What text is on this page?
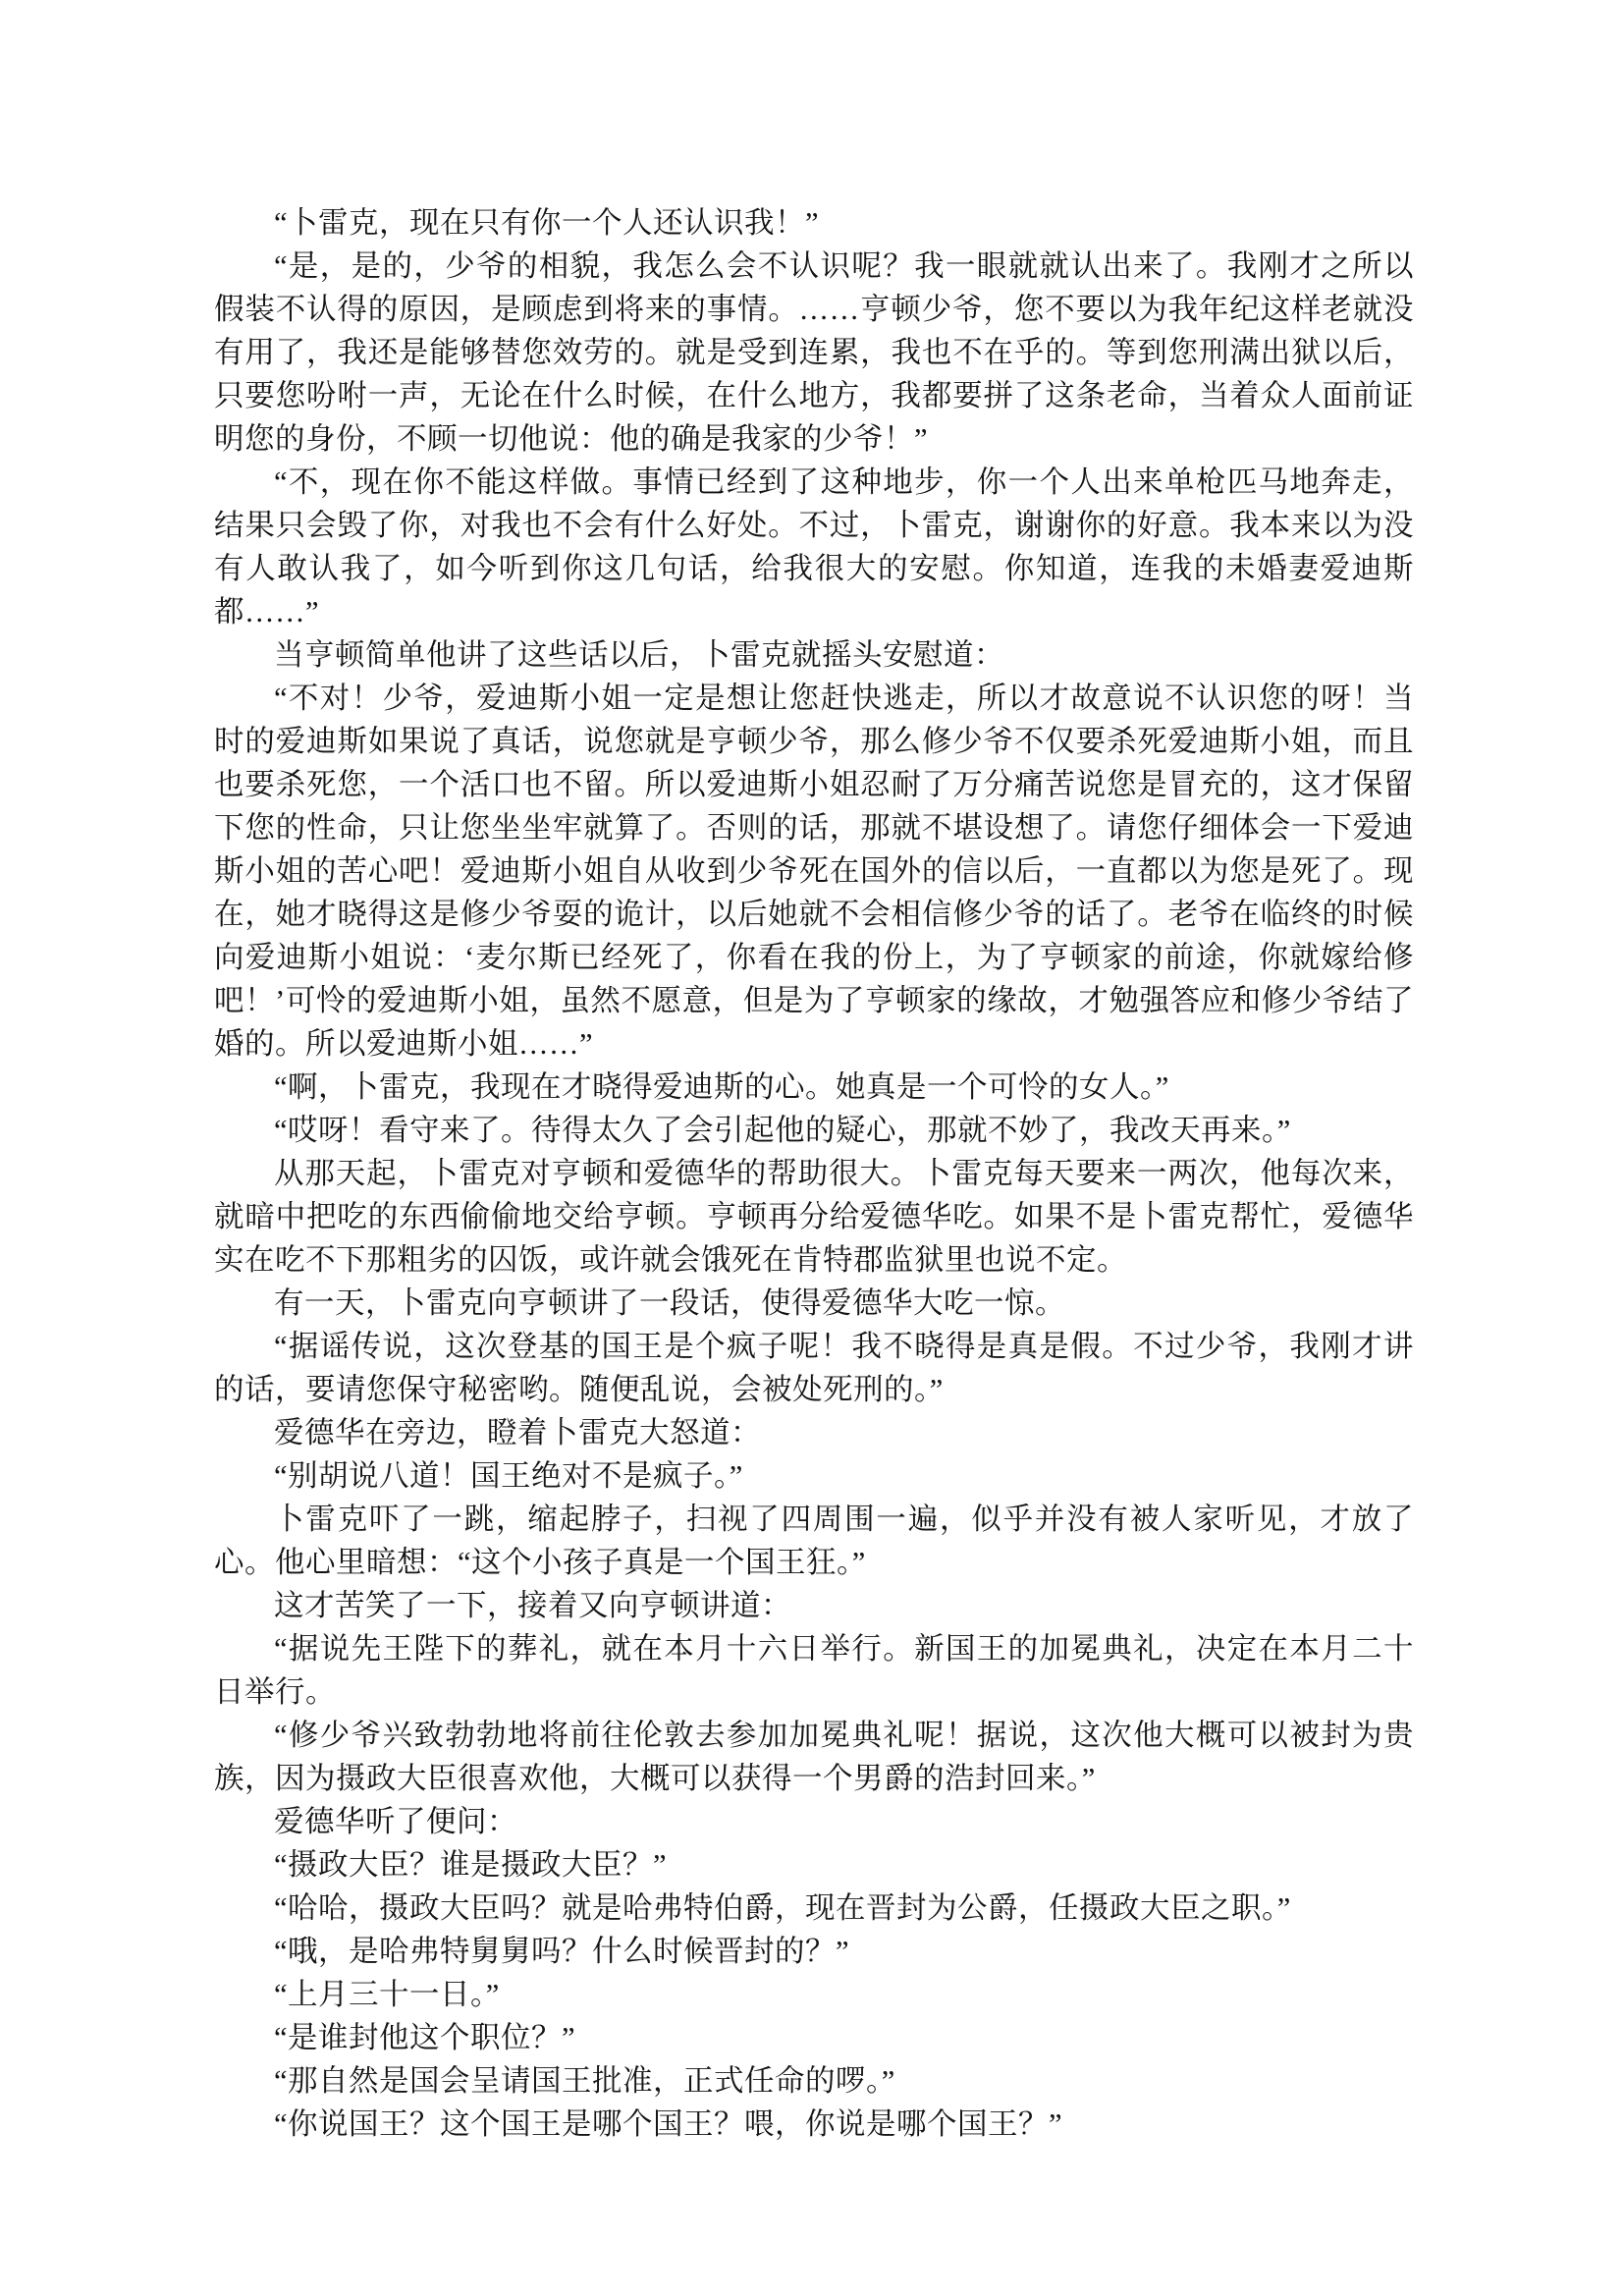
“卜雷克，现在只有你一个人还认识我！”

“是，是的，少爷的相貌，我怎么会不认识呢？我一眼就就认出来了。我刚才之所以假装不认得的原因，是顾虑到将来的事情。……亨顿少爷，您不要以为我年纪这样老就没有用了，我还是能够替您效劳的。就是受到连累，我也不在乎的。等到您刑满出狱以后，只要您吩咐一声，无论在什么时候，在什么地方，我都要拼了这条老命，当着众人面前证明您的身份，不顾一切他说：他的确是我家的少爷！”

“不，现在你不能这样做。事情已经到了这种地步，你一个人出来单枪匹马地奔走，结果只会毁了你，对我也不会有什么好处。不过，卜雷克，谢谢你的好意。我本来以为没有人敢认我了，如今听到你这几句话，给我很大的安慰。你知道，连我的未婚妻爱迪斯都……”

当亨顿简单他讲了这些话以后，卜雷克就摇头安慰道：

“不对！少爷，爱迪斯小姐一定是想让您赶快逃走，所以才故意说不认识您的呀！当时的爱迪斯如果说了真话，说您就是亨顿少爷，那么修少爷不仅要杀死爱迪斯小姐，而且也要杀死您，一个活口也不留。所以爱迪斯小姐忍耐了万分痛苦说您是冒充的，这才保留下您的性命，只让您坐坐牢就算了。否则的话，那就不堪设想了。请您仔细体会一下爱迪斯小姐的苦心吧！爱迪斯小姐自从收到少爷死在国外的信以后，一直都以为您是死了。现在，她才晓得这是修少爷耍的诡计，以后她就不会相信修少爷的话了。老爷在临终的时候向爱迪斯小姐说：‘麦尔斯已经死了，你看在我的份上，为了亨顿家的前途，你就嫁给修吧！’可怜的爱迪斯小姐，虽然不愿意，但是为了亨顿家的缘故，才勉强答应和修少爷结了婚的。所以爱迪斯小姐……”

“啊，卜雷克，我现在才晓得爱迪斯的心。她真是一个可怜的女人。”

“哎呀！看守来了。待得太久了会引起他的疑心，那就不妙了，我改天再来。”

从那天起，卜雷克对亨顿和爱德华的帮助很大。卜雷克每天要来一两次，他每次来，就暗中把吃的东西偷偷地交给亨顿。亨顿再分给爱德华吃。如果不是卜雷克帮忙，爱德华实在吃不下那粗劣的囚饭，或许就会饿死在肯特郡监狱里也说不定。

有一天，卜雷克向亨顿讲了一段话，使得爱德华大吃一惊。

“据谣传说，这次登基的国王是个疯子呢！我不晓得是真是假。不过少爷，我刚才讲的话，要请您保守秘密哟。随便乱说，会被处死刑的。”

爱德华在旁边，瞪着卜雷克大怒道：

“别胡说八道！国王绝对不是疯子。”

卜雷克吓了一跳，缩起脖子，扫视了四周围一遍，似乎并没有被人家听见，才放了心。他心里暗想：“这个小孩子真是一个国王狂。”

这才苦笑了一下，接着又向亨顿讲道：

“据说先王陛下的葬礼，就在本月十六日举行。新国王的加冕典礼，决定在本月二十日举行。

“修少爷兴致勃勃地将前往伦敦去参加加冕典礼呢！据说，这次他大概可以被封为贵族，因为摄政大臣很喜欢他，大概可以获得一个男爵的浩封回来。”

爱德华听了便问：

“摄政大臣？谁是摄政大臣？”

“哈哈，摄政大臣吗？就是哈弗特伯爵，现在晋封为公爵，任摄政大臣之职。”

“哦，是哈弗特舅舅吗？什么时候晋封的？”

“上月三十一日。”

“是谁封他这个职位？”

“那自然是国会呈请国王批准，正式任命的啰。”

“你说国王？这个国王是哪个国王？喂，你说是哪个国王？”
